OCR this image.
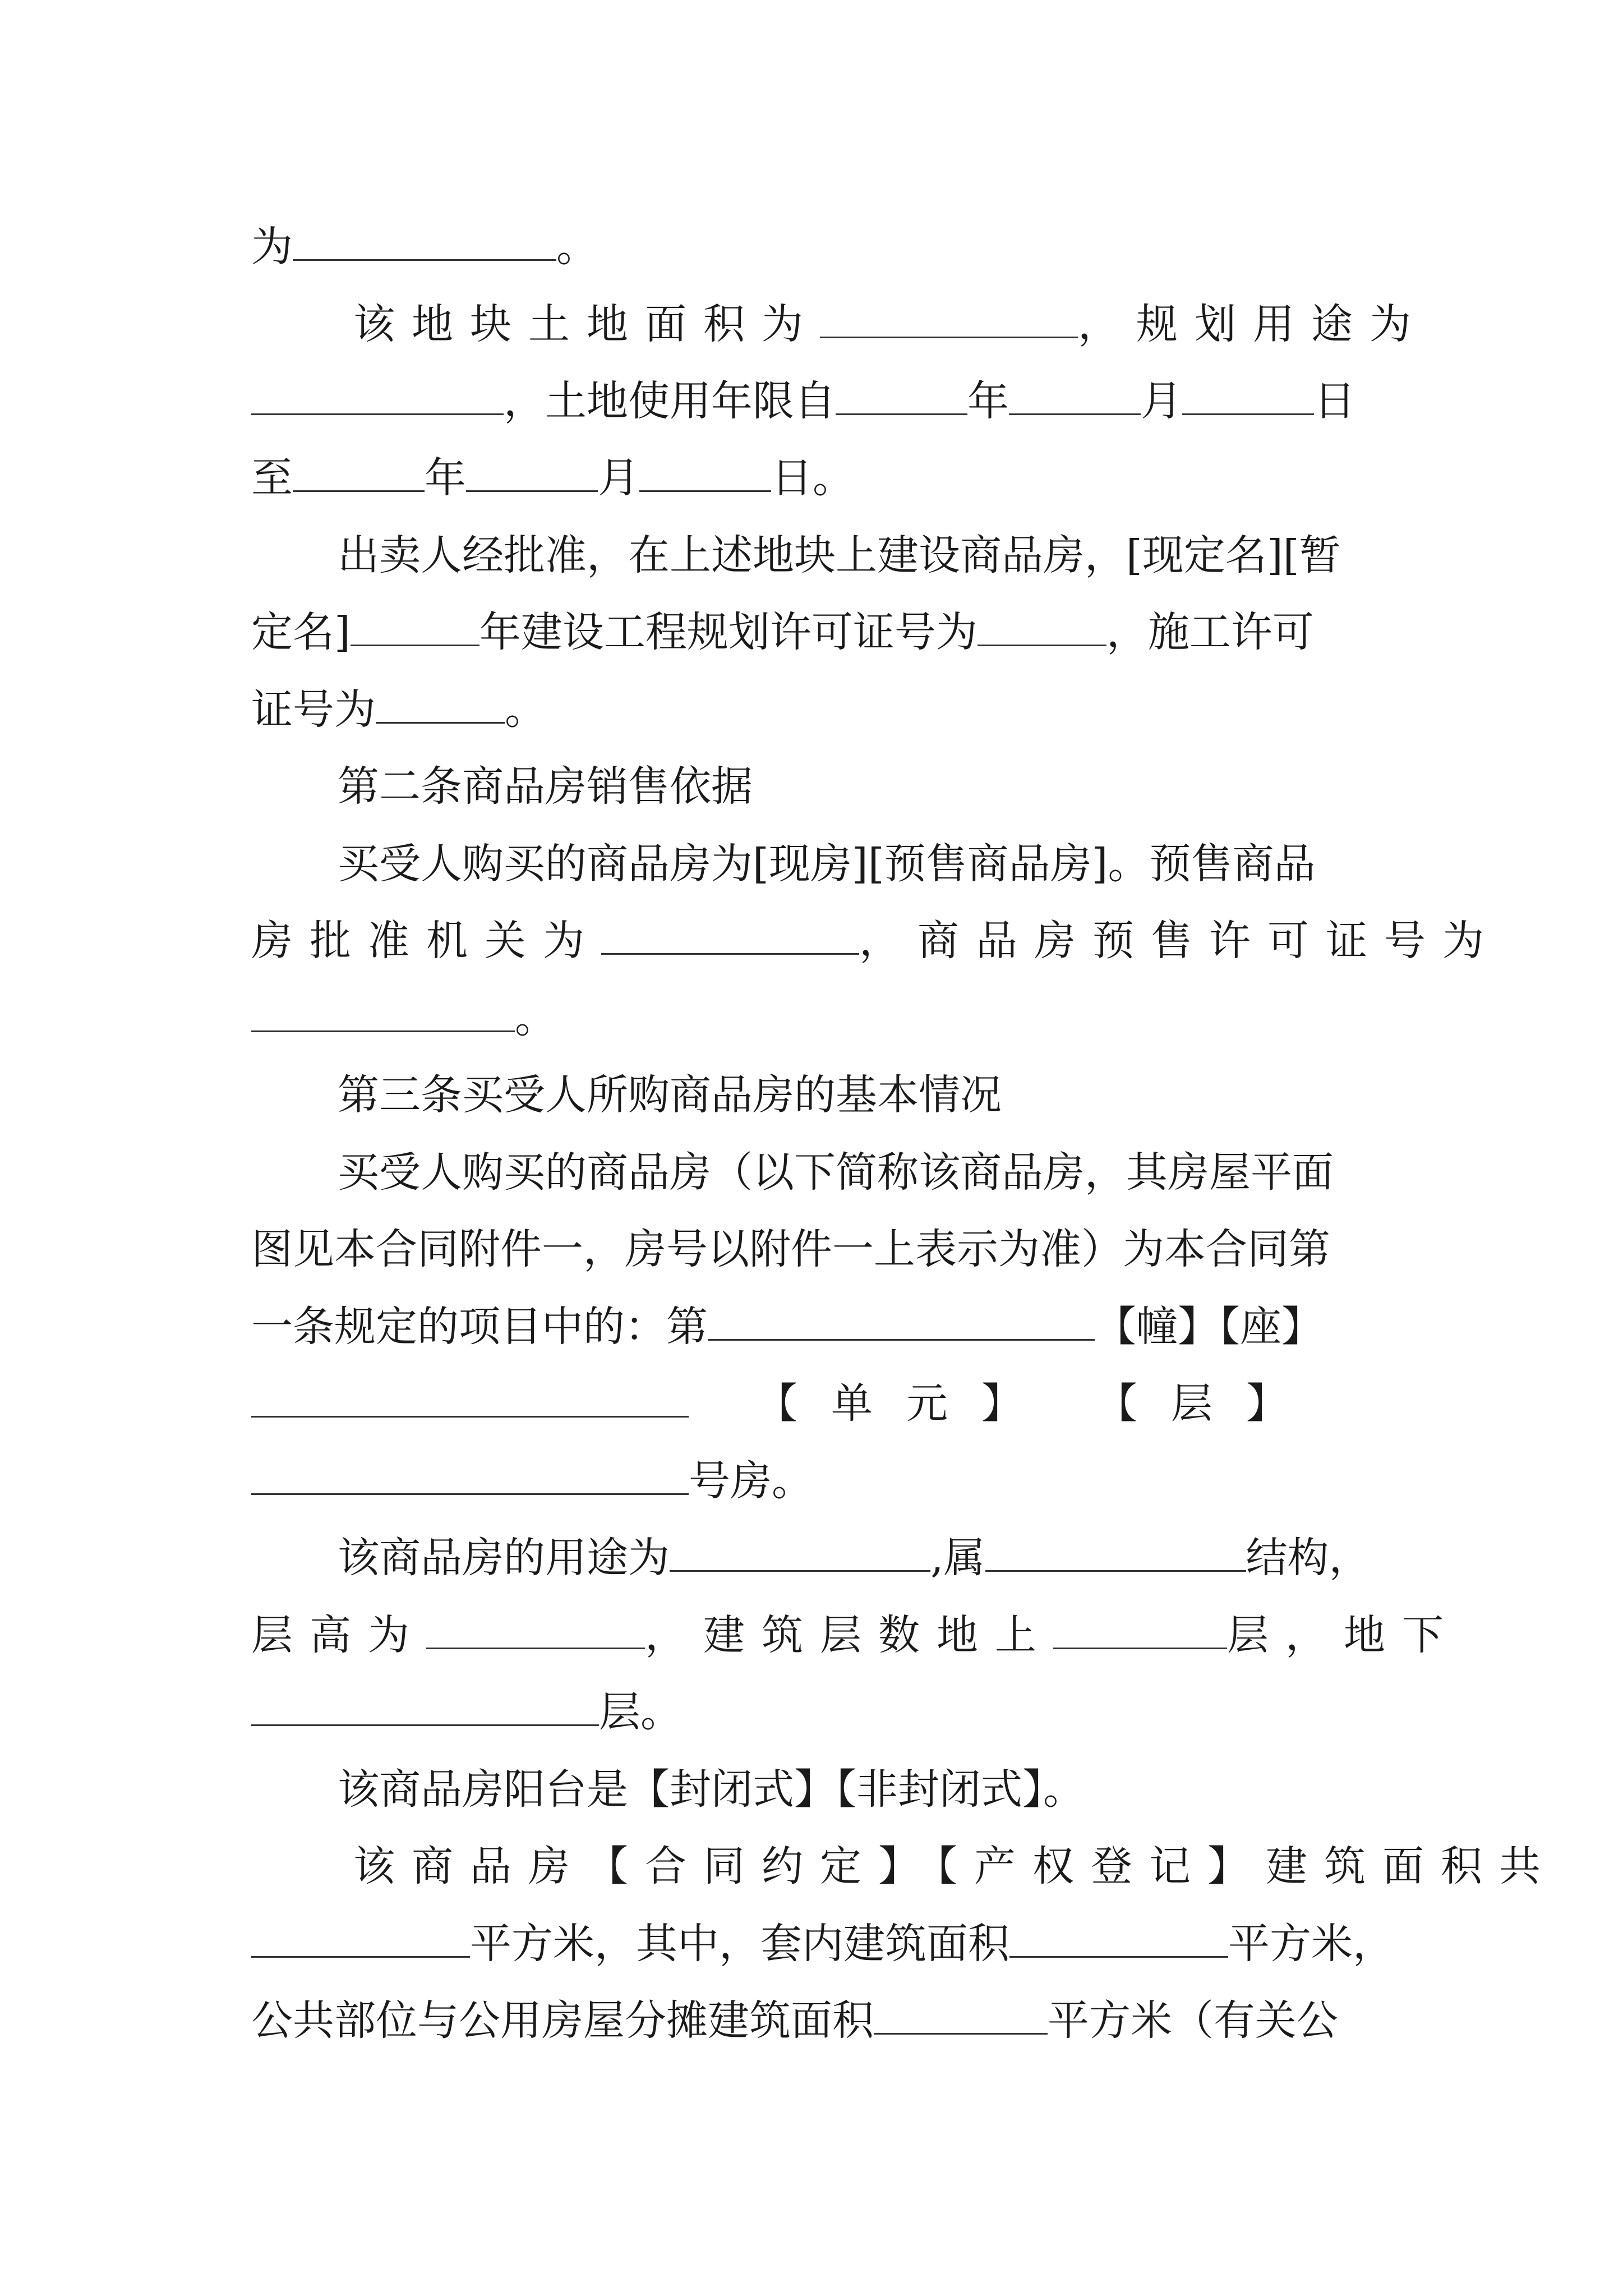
为	。
该地块土地面积为	，规划用途为
，土地使用年限自	年	月	日
至	年	月	日。
出卖人经批准，在上述地块上建设商品房，[现定名][暂
定名]	年建设工程规划许可证号为	，施工许可
证号为	。
第二条商品房销售依据
买受人购买的商品房为[现房][预售商品房]。预售商品
房批准机关为	，商品房预售许可证号为
。
第三条买受人所购商品房的基本情况
买受人购买的商品房（以下简称该商品房，其房屋平面
图见本合同附件一，房号以附件一上表示为准）为本合同第
一条规定的项目中的：第	【幢】【座】
【单元】 【层】
号房。
该商品房的用途为	,属	结构，
层高为	，建筑层数地上	层，地下
层。
该商品房阳台是【封闭式】【非封闭式】。
该商品房【合同约定】【产权登记】建筑面积共
平方米，其中，套内建筑面积	平方米，
公共部位与公用房屋分摊建筑面积	平方米（有关公
